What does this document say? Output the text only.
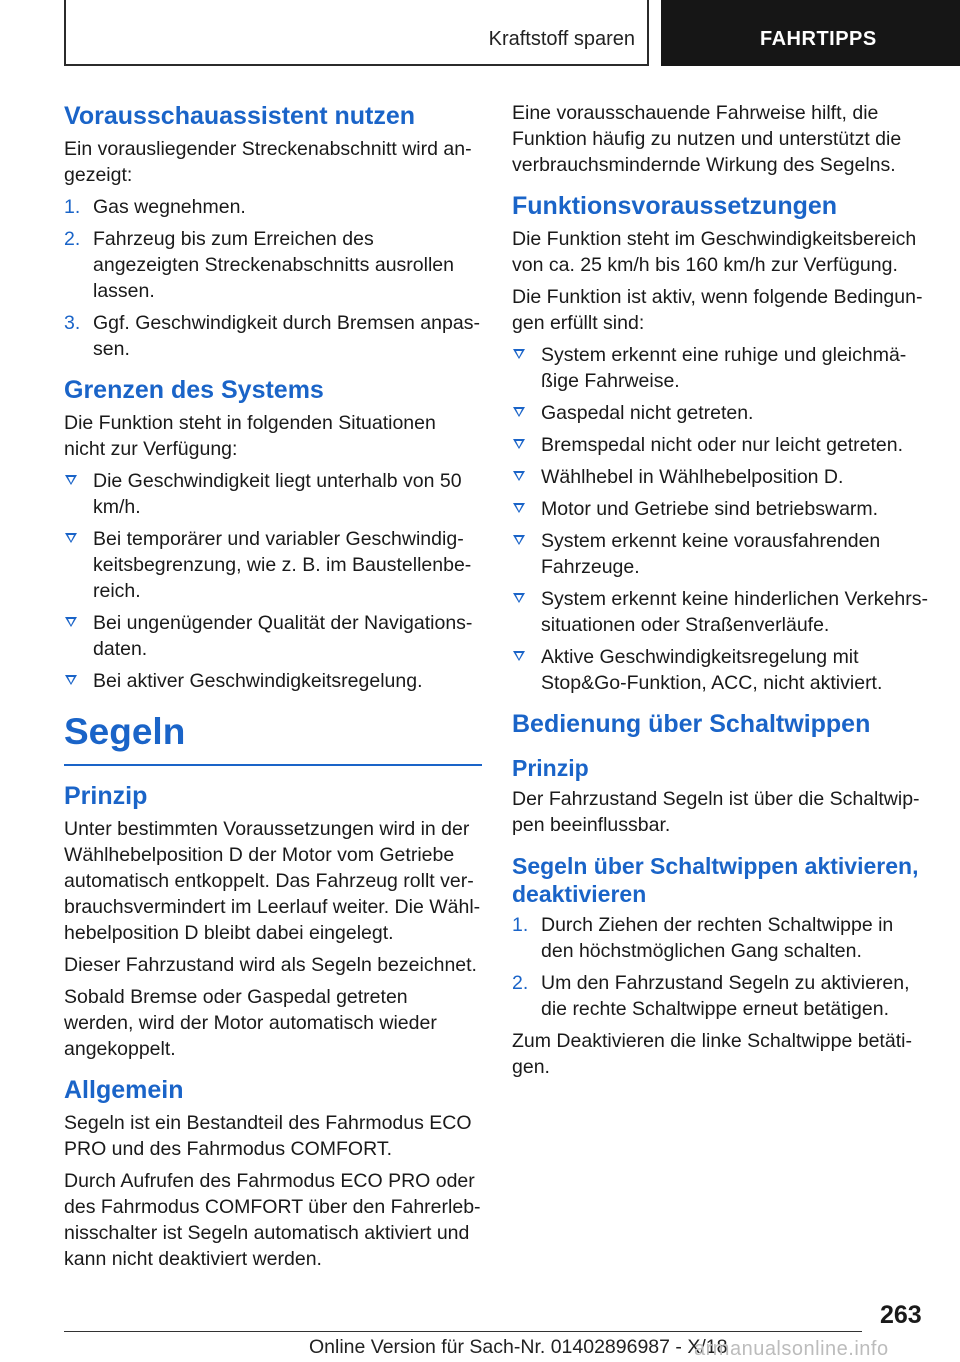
Kraftstoff sparen	FAHRTIPPS
Vorausschauassistent nutzen

Ein vorausliegender Streckenabschnitt wird angezeigt:

1. Gas wegnehmen.
2. Fahrzeug bis zum Erreichen des angezeigten Streckenabschnitts ausrollen lassen.
3. Ggf. Geschwindigkeit durch Bremsen anpassen.
Grenzen des Systems

Die Funktion steht in folgenden Situationen nicht zur Verfügung:

Die Geschwindigkeit liegt unterhalb von 50 km/h.
Bei temporärer und variabler Geschwindigkeitsbegrenzung, wie z. B. im Baustellenbereich.
Bei ungenügender Qualität der Navigationsdaten.
Bei aktiver Geschwindigkeitsregelung.
Segeln
Prinzip

Unter bestimmten Voraussetzungen wird in der Wählhebelposition D der Motor vom Getriebe automatisch entkoppelt. Das Fahrzeug rollt verbrauchsvermindert im Leerlauf weiter. Die Wählhebelposition D bleibt dabei eingelegt.

Dieser Fahrzustand wird als Segeln bezeichnet.

Sobald Bremse oder Gaspedal getreten werden, wird der Motor automatisch wieder angekoppelt.

Allgemein

Segeln ist ein Bestandteil des Fahrmodus ECO PRO und des Fahrmodus COMFORT.

Durch Aufrufen des Fahrmodus ECO PRO oder des Fahrmodus COMFORT über den Fahrerlebnisschalter ist Segeln automatisch aktiviert und kann nicht deaktiviert werden.

Eine vorausschauende Fahrweise hilft, die Funktion häufig zu nutzen und unterstützt die verbrauchsmindernde Wirkung des Segelns.

Funktionsvoraussetzungen

Die Funktion steht im Geschwindigkeitsbereich von ca. 25 km/h bis 160 km/h zur Verfügung.

Die Funktion ist aktiv, wenn folgende Bedingungen erfüllt sind:

System erkennt eine ruhige und gleichmäßige Fahrweise.
Gaspedal nicht getreten.
Bremspedal nicht oder nur leicht getreten.
Wählhebel in Wählhebelposition D.
Motor und Getriebe sind betriebswarm.
System erkennt keine vorausfahrenden Fahrzeuge.
System erkennt keine hinderlichen Verkehrssituationen oder Straßenverläufe.
Aktive Geschwindigkeitsregelung mit Stop&Go-Funktion, ACC, nicht aktiviert.
Bedienung über Schaltwippen
Prinzip

Der Fahrzustand Segeln ist über die Schaltwippen beeinflussbar.

Segeln über Schaltwippen aktivieren, deaktivieren
1. Durch Ziehen der rechten Schaltwippe in den höchstmöglichen Gang schalten.
2. Um den Fahrzustand Segeln zu aktivieren, die rechte Schaltwippe erneut betätigen.

Zum Deaktivieren die linke Schaltwippe betätigen.

263
Online Version für Sach-Nr. 01402896987 - X/18
armanualsonline.info
